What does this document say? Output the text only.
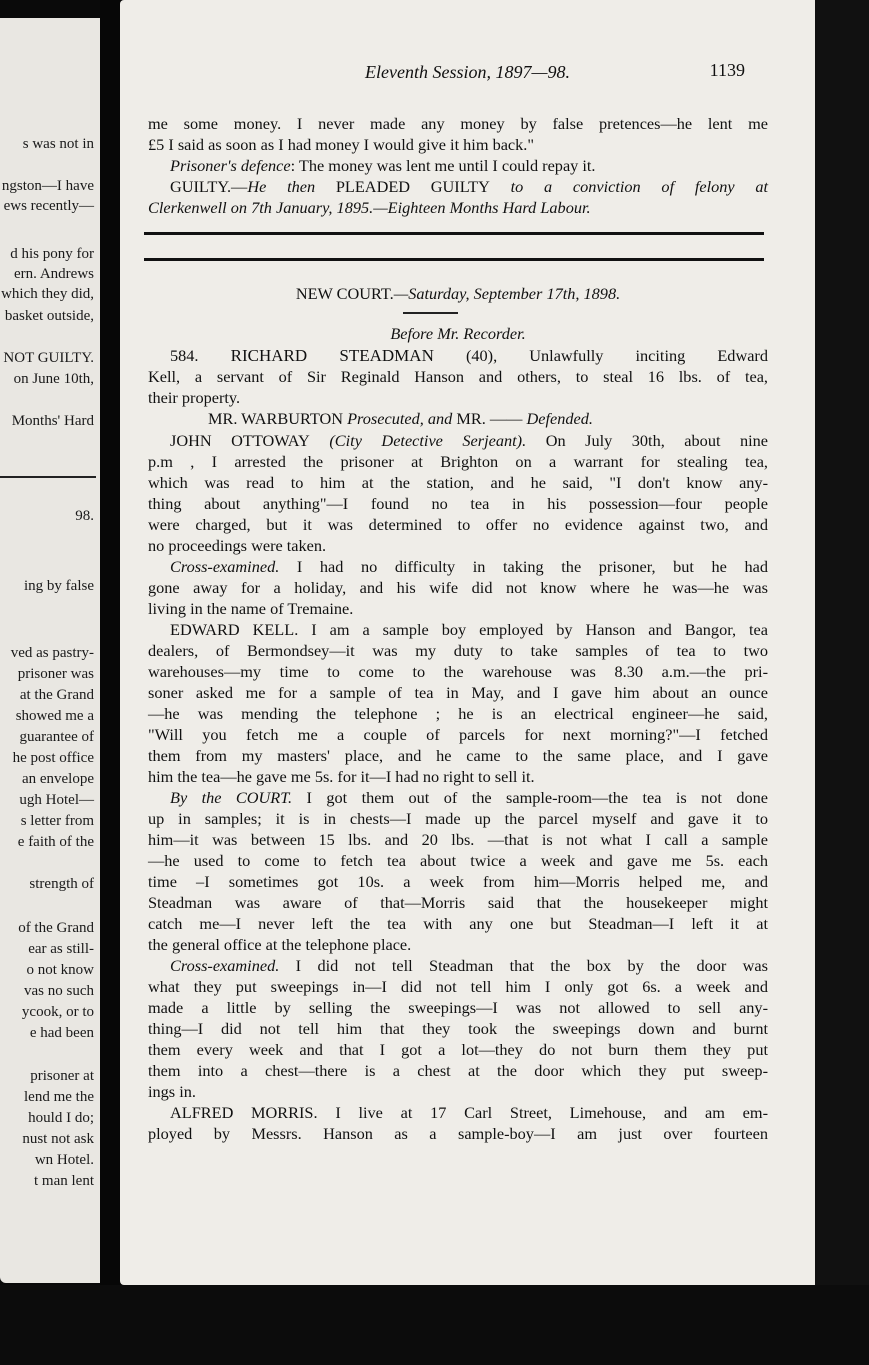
s was not in
ngston—I have
ews recently—
d his pony for
ern. Andrews
which they did,
basket outside,
NOT GUILTY.
on June 10th,
Months' Hard
98.
ing by false
ved as pastry-
prisoner was
at the Grand
showed me a
guarantee of
he post office
an envelope
ugh Hotel—
s letter from
e faith of the
strength of
of the Grand
ear as still-
o not know
vas no such
ycook, or to
e had been
prisoner at
lend me the
hould I do;
nust not ask
wn Hotel.
t man lent
Eleventh Session, 1897—98.	1139
me some money. I never made any money by false pretences—he lent me
£5 I said as soon as I had money I would give it him back."
Prisoner's defence: The money was lent me until I could repay it.
GUILTY.—He then PLEADED GUILTY to a conviction of felony at
Clerkenwell on 7th January, 1895.—Eighteen Months Hard Labour.
NEW COURT.—Saturday, September 17th, 1898.
Before Mr. Recorder.
584. RICHARD STEADMAN (40), Unlawfully inciting Edward
Kell, a servant of Sir Reginald Hanson and others, to steal 16 lbs. of tea,
their property.
MR. WARBURTON Prosecuted, and MR. —— Defended.
JOHN OTTOWAY (City Detective Serjeant). On July 30th, about nine
p.m , I arrested the prisoner at Brighton on a warrant for stealing tea,
which was read to him at the station, and he said, "I don't know any-
thing about anything"—I found no tea in his possession—four people
were charged, but it was determined to offer no evidence against two, and
no proceedings were taken.
Cross-examined. I had no difficulty in taking the prisoner, but he had
gone away for a holiday, and his wife did not know where he was—he was
living in the name of Tremaine.
EDWARD KELL. I am a sample boy employed by Hanson and Bangor, tea
dealers, of Bermondsey—it was my duty to take samples of tea to two
warehouses—my time to come to the warehouse was 8.30 a.m.—the pri-
soner asked me for a sample of tea in May, and I gave him about an ounce
—he was mending the telephone ; he is an electrical engineer—he said,
"Will you fetch me a couple of parcels for next morning?"—I fetched
them from my masters' place, and he came to the same place, and I gave
him the tea—he gave me 5s. for it—I had no right to sell it.
By the COURT. I got them out of the sample-room—the tea is not done
up in samples; it is in chests—I made up the parcel myself and gave it to
him—it was between 15 lbs. and 20 lbs. —that is not what I call a sample
—he used to come to fetch tea about twice a week and gave me 5s. each
time –I sometimes got 10s. a week from him—Morris helped me, and
Steadman was aware of that—Morris said that the housekeeper might
catch me—I never left the tea with any one but Steadman—I left it at
the general office at the telephone place.
Cross-examined. I did not tell Steadman that the box by the door was
what they put sweepings in—I did not tell him I only got 6s. a week and
made a little by selling the sweepings—I was not allowed to sell any-
thing—I did not tell him that they took the sweepings down and burnt
them every week and that I got a lot—they do not burn them they put
them into a chest—there is a chest at the door which they put sweep-
ings in.
ALFRED MORRIS. I live at 17 Carl Street, Limehouse, and am em-
ployed by Messrs. Hanson as a sample-boy—I am just over fourteen
